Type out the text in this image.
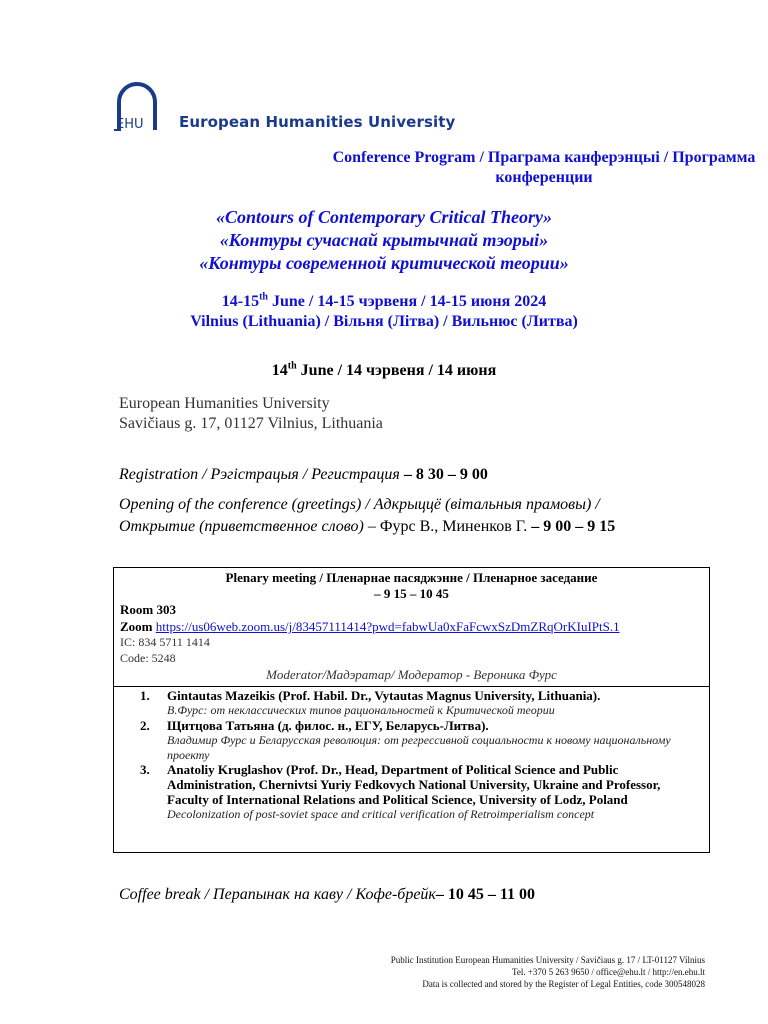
EHU European Humanities University
Conference Program / Праграма канферэнцыі / Программа конференции
«Contours of Contemporary Critical Theory»
«Контуры сучаснай крытычнай тэорыі»
«Контуры современной критической теории»
14-15th June / 14-15 чэрвеня / 14-15 июня 2024
Vilnius (Lithuania) / Вільня (Літва) / Вильнюс (Литва)
14th June / 14 чэрвеня / 14 июня
European Humanities University
Savičiaus g. 17, 01127 Vilnius, Lithuania
Registration / Рэгістрацыя / Регистрация – 8 30 – 9 00
Opening of the conference (greetings) / Адкрыццё (вітальныя прамовы) /
Открытие (приветственное слово) – Фурс В., Миненков Г. – 9 00 – 9 15
Plenary meeting / Пленарнае пасяджэнне / Пленарное заседание
– 9 15 – 10 45
Room 303
Zoom https://us06web.zoom.us/j/83457111414?pwd=fabwUa0xFaFcwxSzDmZRqOrKIuIPtS.1
IC: 834 5711 1414
Code: 5248
Moderator/Мадэратар/ Модератор - Вероника Фурс
1. Gintautas Mazeikis (Prof. Habil. Dr., Vytautas Magnus University, Lithuania).
В.Фурс: от неклассических типов рациональностей к Критической теории
2. Щитцова Татьяна (д. филос. н., ЕГУ, Беларусь-Литва).
Владимир Фурс и Беларусская революция: от регрессивной социальности к новому национальному проекту
3. Anatoliy Kruglashov (Prof. Dr., Head, Department of Political Science and Public Administration, Chernivtsi Yuriy Fedkovych National University, Ukraine and Professor, Faculty of International Relations and Political Science, University of Lodz, Poland
Decolonization of post-soviet space and critical verification of Retroimperialism concept
Coffee break / Перапынак на каву / Кофе-брейк– 10 45 – 11 00
Public Institution European Humanities University / Savičiaus g. 17 / LT-01127 Vilnius
Tel. +370 5 263 9650 / office@ehu.lt / http://en.ehu.lt
Data is collected and stored by the Register of Legal Entities, code 300548028
